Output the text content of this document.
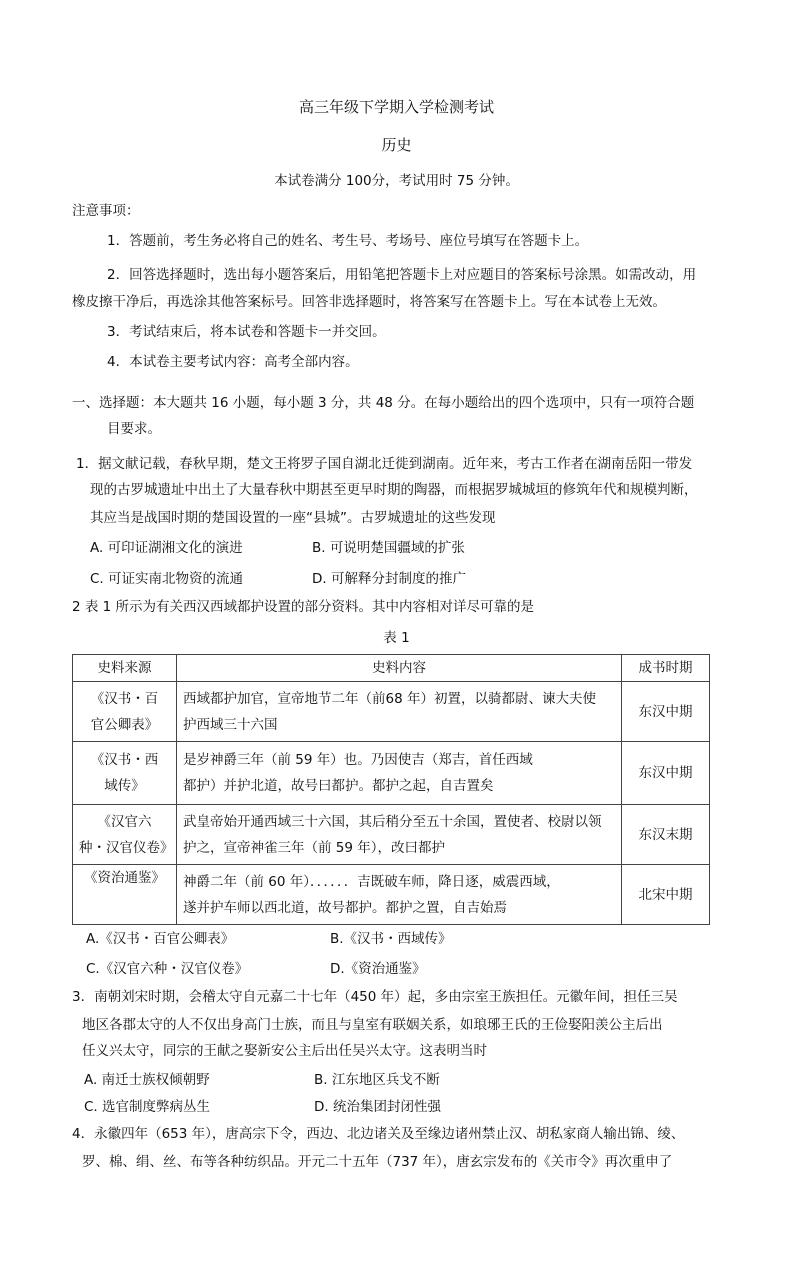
高三年级下学期入学检测考试
历史
本试卷满分 100分，考试用时 75 分钟。
注意事项：
1．答题前，考生务必将自己的姓名、考生号、考场号、座位号填写在答题卡上。
2．回答选择题时，选出每小题答案后，用铅笔把答题卡上对应题目的答案标号涂黑。如需改动，用
橡皮擦干净后，再选涂其他答案标号。回答非选择题时，将答案写在答题卡上。写在本试卷上无效。
3．考试结束后，将本试卷和答题卡一并交回。
4．本试卷主要考试内容：高考全部内容。
一、选择题：本大题共 16 小题，每小题 3 分，共 48 分。在每小题给出的四个选项中，只有一项符合题
目要求。
1．据文献记载，春秋早期，楚文王将罗子国自湖北迁徙到湖南。近年来，考古工作者在湖南岳阳一带发
现的古罗城遗址中出土了大量春秋中期甚至更早时期的陶器，而根据罗城城垣的修筑年代和规模判断，
其应当是战国时期的楚国设置的一座“县城”。古罗城遗址的这些发现
A. 可印证湖湘文化的演进	B. 可说明楚国疆域的扩张
C. 可证实南北物资的流通	D. 可解释分封制度的推广
2 表 1 所示为有关西汉西域都护设置的部分资料。其中内容相对详尽可靠的是
表 1
史料来源	史料内容	成书时期

《汉书・百
官公卿表》	西域都护加官，宣帝地节二年（前68 年）初置，以骑都尉、谏大夫使
护西域三十六国	东汉中期

《汉书・西
域传》	是岁神爵三年（前 59 年）也。乃因使吉（郑吉，首任西域
都护）并护北道，故号曰都护。都护之起，自吉置矣	东汉中期

《汉官六
种・汉官仪卷》	武皇帝始开通西域三十六国，其后稍分至五十余国，置使者、校尉以领
护之，宣帝神雀三年（前 59 年），改曰都护	东汉末期

《资治通鉴》	神爵二年（前 60 年）．．．．．．吉既破车师，降日逐，威震西域，
遂并护车师以西北道，故号都护。都护之置，自吉始焉	北宋中期
A.《汉书・百官公卿表》	B.《汉书・西域传》
C.《汉官六种・汉官仪卷》	D.《资治通鉴》
3．南朝刘宋时期，会稽太守自元嘉二十七年（450 年）起，多由宗室王族担任。元徽年间，担任三吴
地区各郡太守的人不仅出身高门士族，而且与皇室有联姻关系，如琅琊王氏的王俭娶阳羡公主后出
任义兴太守，同宗的王献之娶新安公主后出任吴兴太守。这表明当时
A. 南迁士族权倾朝野	B. 江东地区兵戈不断
C. 选官制度弊病丛生	D. 统治集团封闭性强
4．永徽四年（653 年），唐高宗下令，西边、北边诸关及至缘边诸州禁止汉、胡私家商人输出锦、绫、
罗、棉、绢、丝、布等各种纺织品。开元二十五年（737 年），唐玄宗发布的《关市令》再次重申了
